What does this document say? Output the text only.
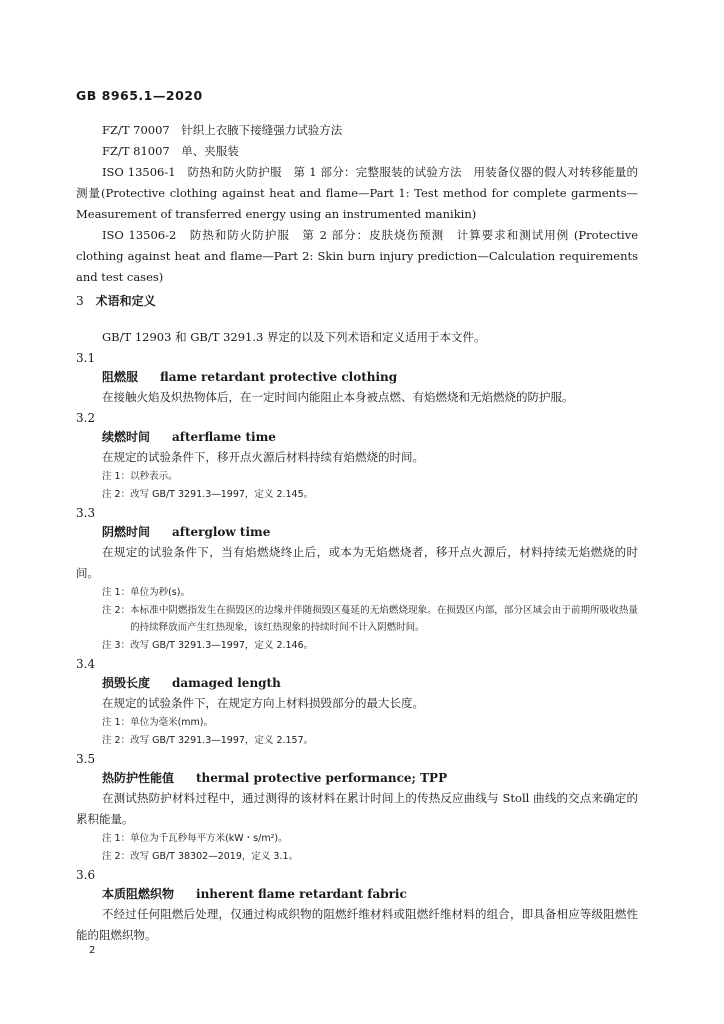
GB 8965.1—2020
FZ/T 70007　 针织上衣腋下接缝强力试验方法
FZ/T 81007　 单、夹服装
ISO 13506-1　 防热和防火防护服　第 1 部分：完整服装的试验方法　用装备仪器的假人对转移能量的测量(Protective clothing against heat and flame—Part 1: Test method for complete garments—Measurement of transferred energy using an instrumented manikin)
ISO 13506-2　 防热和防火防护服　第 2 部分：皮肤烧伤预测　计算要求和测试用例 (Protective clothing against heat and flame—Part 2: Skin burn injury prediction—Calculation requirements and test cases)
3 术语和定义
GB/T 12903 和 GB/T 3291.3 界定的以及下列术语和定义适用于本文件。
3.1
阻燃服 flame retardant protective clothing
在接触火焰及炽热物体后，在一定时间内能阻止本身被点燃、有焰燃烧和无焰燃烧的防护服。
3.2
续燃时间 afterflame time
在规定的试验条件下，移开点火源后材料持续有焰燃烧的时间。
注 1：以秒表示。
注 2：改写 GB/T 3291.3—1997，定义 2.145。
3.3
阴燃时间 afterglow time
在规定的试验条件下，当有焰燃烧终止后，或本为无焰燃烧者，移开点火源后，材料持续无焰燃烧的时间。
注 1：单位为秒(s)。
注 2： 本标准中阴燃指发生在损毁区的边缘并伴随损毁区蔓延的无焰燃烧现象。在损毁区内部，部分区域会由于前期所吸收热量的持续释放而产生红热现象，该红热现象的持续时间不计入阴燃时间。
注 3：改写 GB/T 3291.3—1997，定义 2.146。
3.4
损毁长度 damaged length
在规定的试验条件下，在规定方向上材料损毁部分的最大长度。
注 1：单位为毫米(mm)。
注 2：改写 GB/T 3291.3—1997，定义 2.157。
3.5
热防护性能值 thermal protective performance; TPP
在测试热防护材料过程中，通过测得的该材料在累计时间上的传热反应曲线与 Stoll 曲线的交点来确定的累积能量。
注 1：单位为千瓦秒每平方米(kW・s/m²)。
注 2：改写 GB/T 38302—2019，定义 3.1。
3.6
本质阻燃织物 inherent flame retardant fabric
不经过任何阻燃后处理，仅通过构成织物的阻燃纤维材料或阻燃纤维材料的组合，即具备相应等级阻燃性能的阻燃织物。
2
